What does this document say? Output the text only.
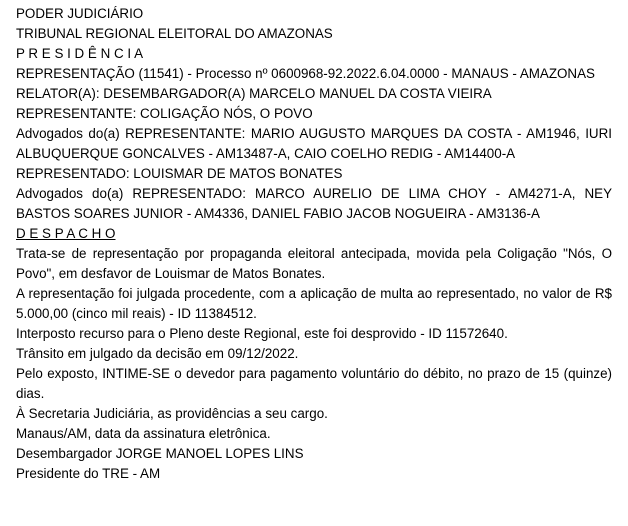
PODER JUDICIÁRIO
TRIBUNAL REGIONAL ELEITORAL DO AMAZONAS
P R E S I D Ê N C I A
REPRESENTAÇÃO (11541) - Processo nº 0600968-92.2022.6.04.0000 - MANAUS - AMAZONAS
RELATOR(A): DESEMBARGADOR(A) MARCELO MANUEL DA COSTA VIEIRA
REPRESENTANTE: COLIGAÇÃO NÓS, O POVO
Advogados do(a) REPRESENTANTE: MARIO AUGUSTO MARQUES DA COSTA - AM1946, IURI ALBUQUERQUE GONCALVES - AM13487-A, CAIO COELHO REDIG - AM14400-A
REPRESENTADO: LOUISMAR DE MATOS BONATES
Advogados do(a) REPRESENTADO: MARCO AURELIO DE LIMA CHOY - AM4271-A, NEY BASTOS SOARES JUNIOR - AM4336, DANIEL FABIO JACOB NOGUEIRA - AM3136-A
D E S P A C H O
Trata-se de representação por propaganda eleitoral antecipada, movida pela Coligação "Nós, O Povo", em desfavor de Louismar de Matos Bonates.
A representação foi julgada procedente, com a aplicação de multa ao representado, no valor de R$ 5.000,00 (cinco mil reais) - ID 11384512.
Interposto recurso para o Pleno deste Regional, este foi desprovido - ID 11572640.
Trânsito em julgado da decisão em 09/12/2022.
Pelo exposto, INTIME-SE o devedor para pagamento voluntário do débito, no prazo de 15 (quinze) dias.
À Secretaria Judiciária, as providências a seu cargo.
Manaus/AM, data da assinatura eletrônica.
Desembargador JORGE MANOEL LOPES LINS
Presidente do TRE - AM
